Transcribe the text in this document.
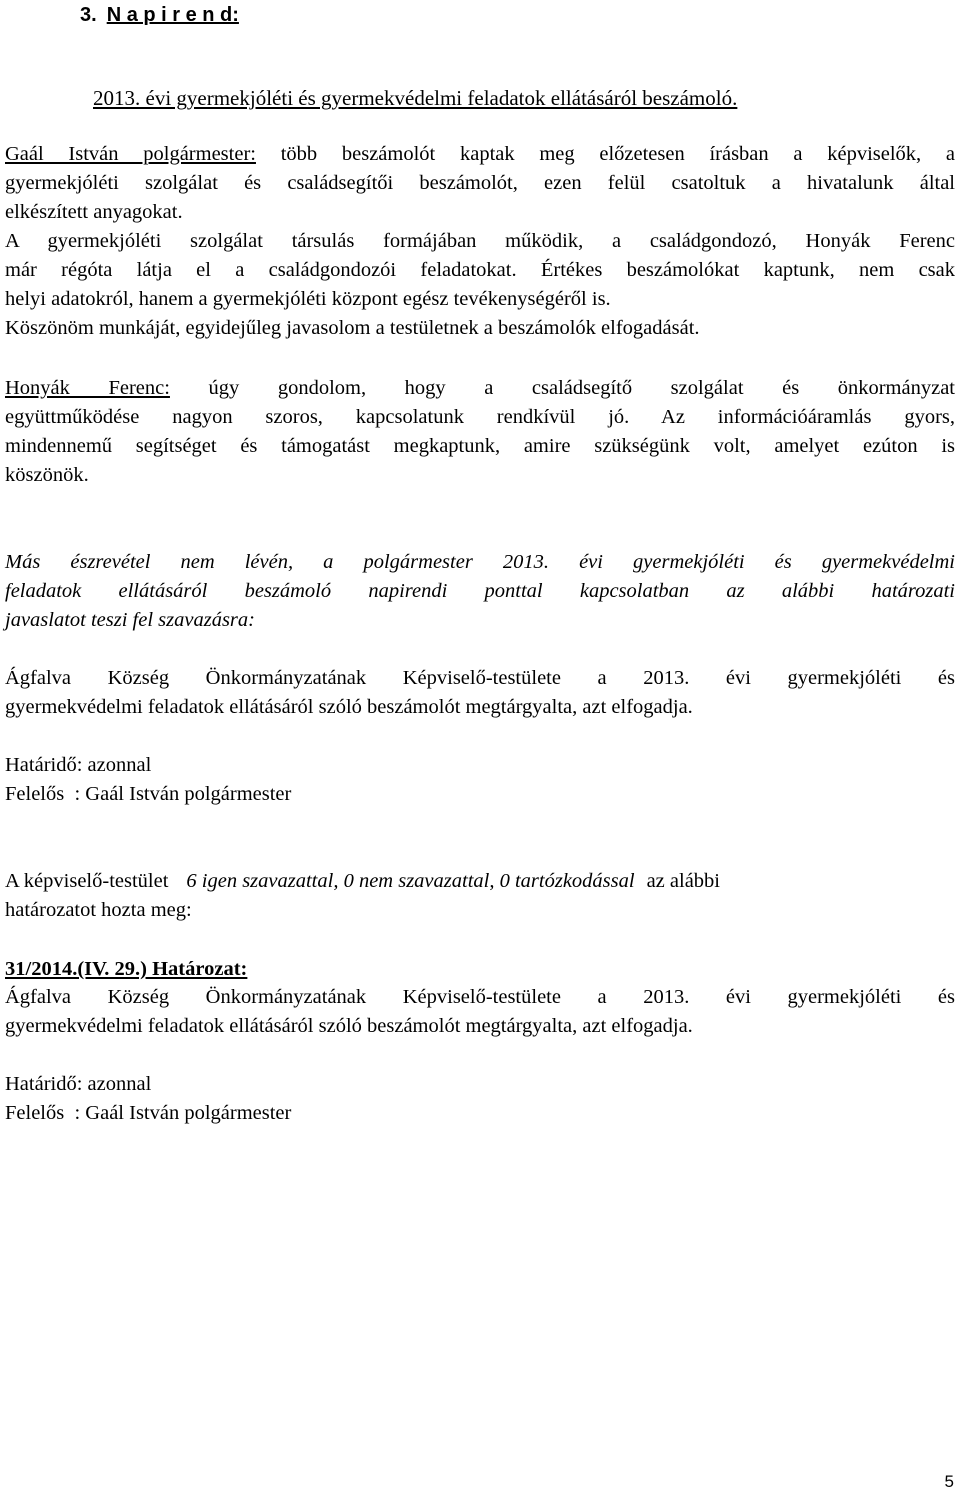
3. N a p i r e n d:
2013. évi gyermekjóléti és gyermekvédelmi feladatok ellátásáról beszámoló.
Gaál István polgármester: több beszámolót kaptak meg előzetesen írásban a képviselők, a
gyermekjóléti szolgálat és családsegítői beszámolót, ezen felül csatoltuk a hivatalunk által
elkészített anyagokat.
A gyermekjóléti szolgálat társulás formájában működik, a családgondozó, Honyák Ferenc
már régóta látja el a családgondozói feladatokat. Értékes beszámolókat kaptunk, nem csak
helyi adatokról, hanem a gyermekjóléti központ egész tevékenységéről is.
Köszönöm munkáját, egyidejűleg javasolom a testületnek a beszámolók elfogadását.
Honyák Ferenc: úgy gondolom, hogy a családsegítő szolgálat és önkormányzat
együttműködése nagyon szoros, kapcsolatunk rendkívül jó. Az információáramlás gyors,
mindennemű segítséget és támogatást megkaptunk, amire szükségünk volt, amelyet ezúton is
köszönök.
Más észrevétel nem lévén, a polgármester 2013. évi gyermekjóléti és gyermekvédelmi
feladatok ellátásáról beszámoló napirendi ponttal kapcsolatban az alábbi határozati
javaslatot teszi fel szavazásra:
Ágfalva Község Önkormányzatának Képviselő-testülete a 2013. évi gyermekjóléti és
gyermekvédelmi feladatok ellátásáról szóló beszámolót megtárgyalta, azt elfogadja.
Határidő: azonnal
Felelős  : Gaál István polgármester
A képviselő-testület 6 igen szavazattal, 0 nem szavazattal, 0 tartózkodással az alábbi
határozatot hozta meg:
31/2014.(IV. 29.) Határozat:
Ágfalva Község Önkormányzatának Képviselő-testülete a 2013. évi gyermekjóléti és
gyermekvédelmi feladatok ellátásáról szóló beszámolót megtárgyalta, azt elfogadja.
Határidő: azonnal
Felelős  : Gaál István polgármester
5
